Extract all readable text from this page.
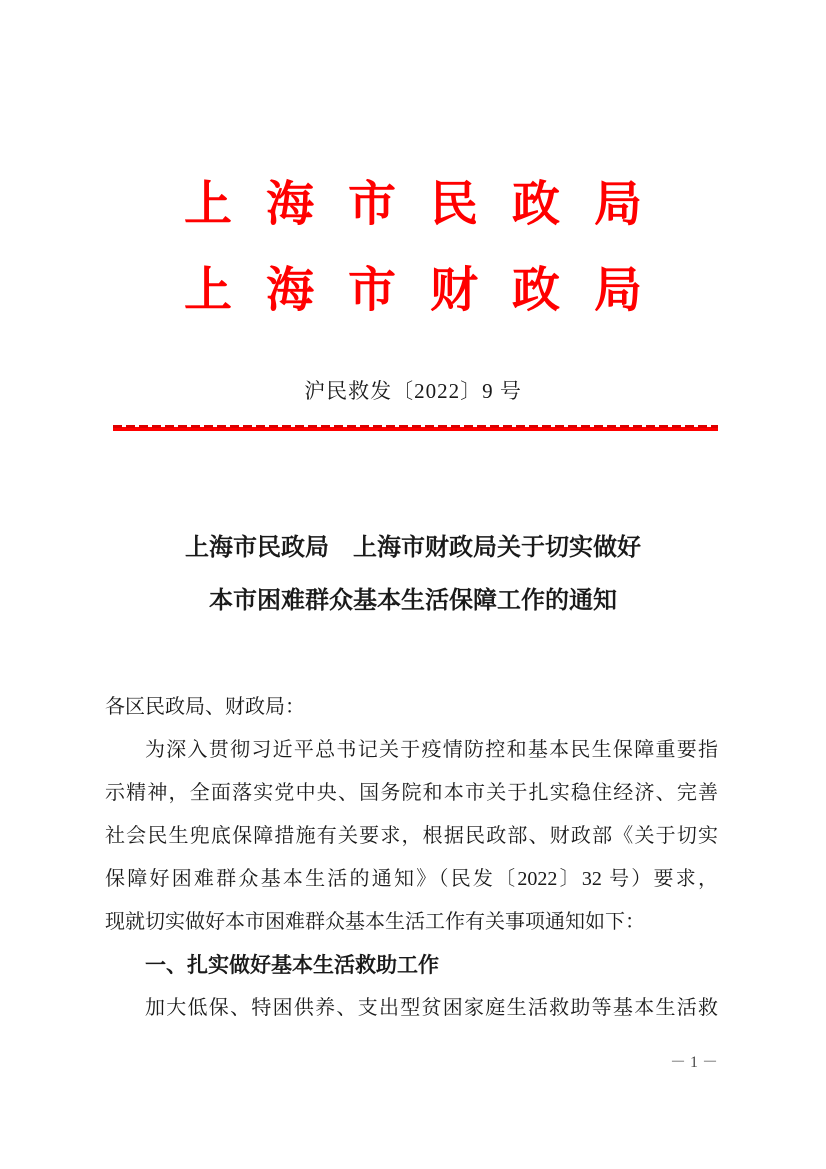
上海市民政局
上海市财政局
沪民救发〔2022〕9 号
上海市民政局　上海市财政局关于切实做好
本市困难群众基本生活保障工作的通知
各区民政局、财政局：
为深入贯彻习近平总书记关于疫情防控和基本民生保障重要指
示精神，全面落实党中央、国务院和本市关于扎实稳住经济、完善
社会民生兜底保障措施有关要求，根据民政部、财政部《关于切实
保障好困难群众基本生活的通知》（民发〔2022〕32 号）要求，
现就切实做好本市困难群众基本生活工作有关事项通知如下：
一、扎实做好基本生活救助工作
加大低保、特困供养、支出型贫困家庭生活救助等基本生活救
－ 1 －
